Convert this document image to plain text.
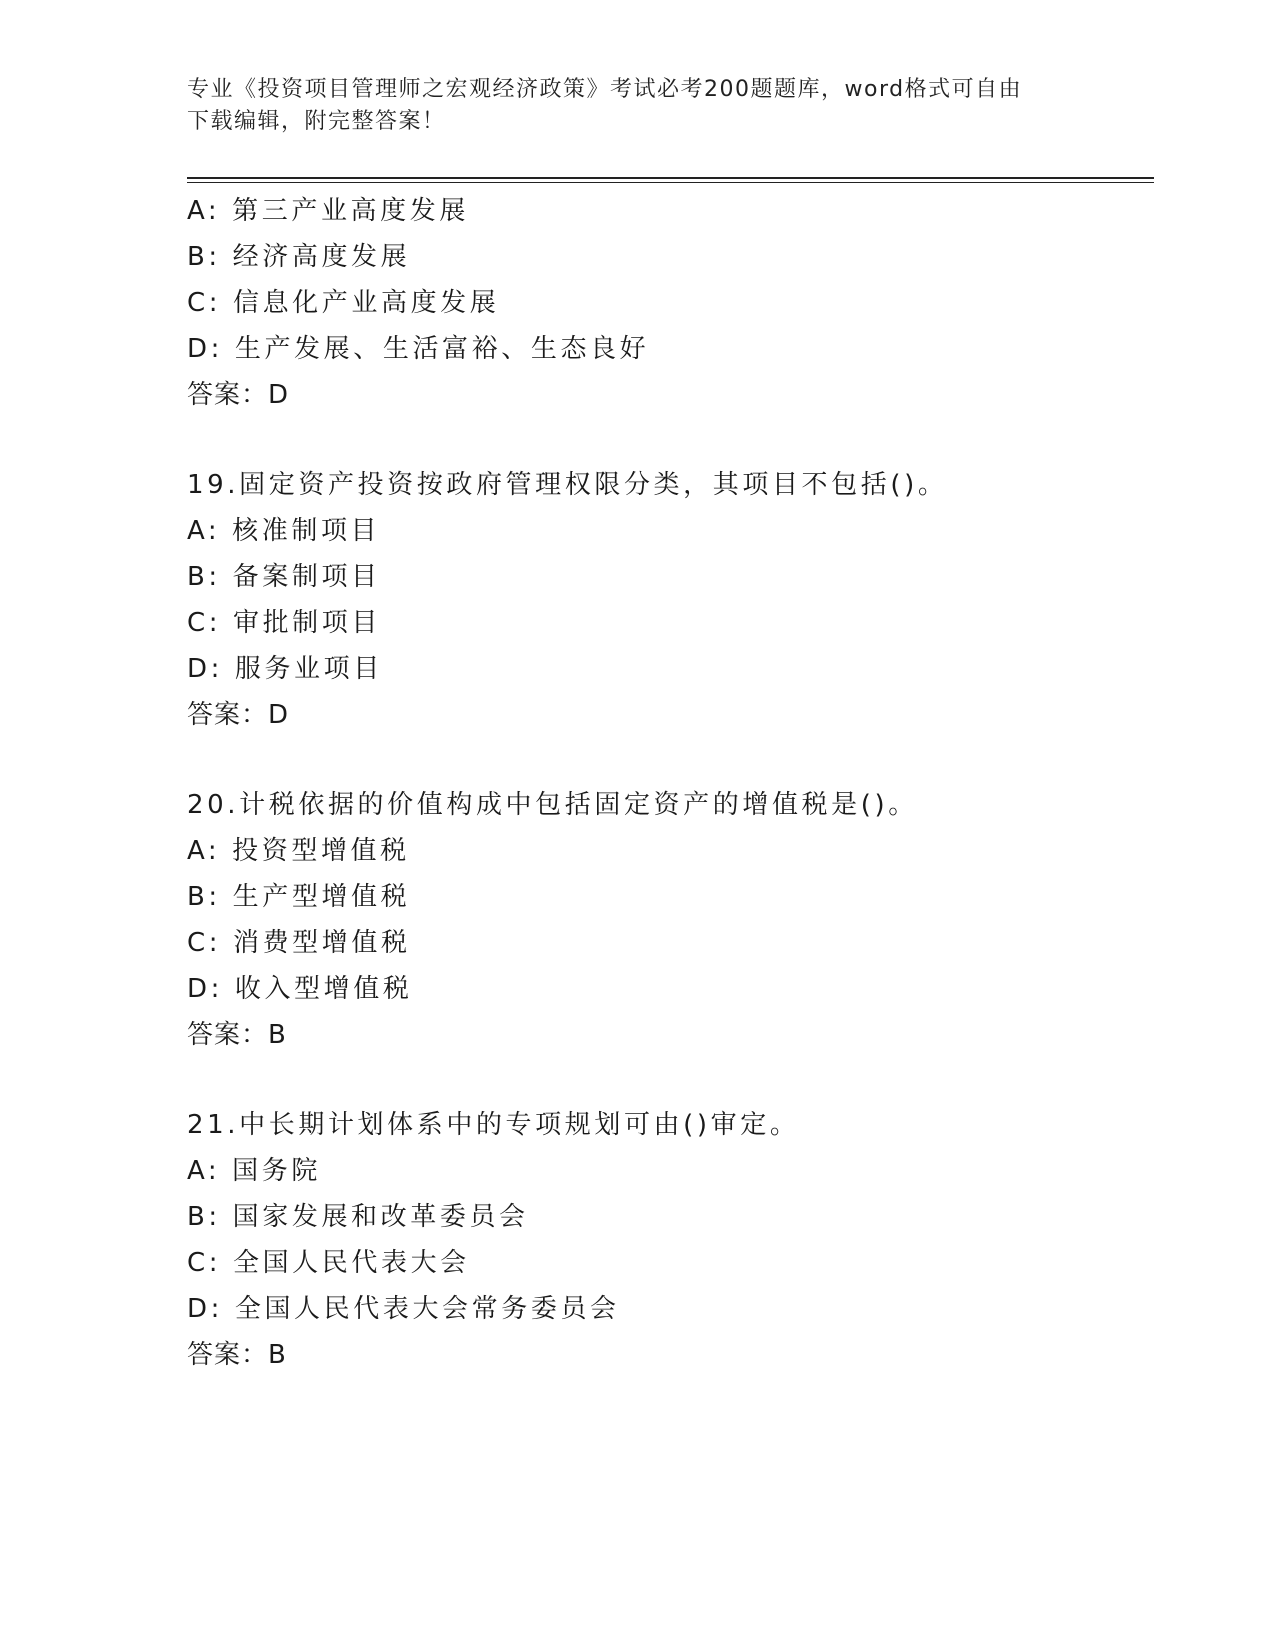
专业《投资项目管理师之宏观经济政策》考试必考200题题库，word格式可自由
下载编辑，附完整答案！
A: 第三产业高度发展
B: 经济高度发展
C: 信息化产业高度发展
D: 生产发展、生活富裕、生态良好
答案：D
19.固定资产投资按政府管理权限分类，其项目不包括()。
A: 核准制项目
B: 备案制项目
C: 审批制项目
D: 服务业项目
答案：D
20.计税依据的价值构成中包括固定资产的增值税是()。
A: 投资型增值税
B: 生产型增值税
C: 消费型增值税
D: 收入型增值税
答案：B
21.中长期计划体系中的专项规划可由()审定。
A: 国务院
B: 国家发展和改革委员会
C: 全国人民代表大会
D: 全国人民代表大会常务委员会
答案：B
